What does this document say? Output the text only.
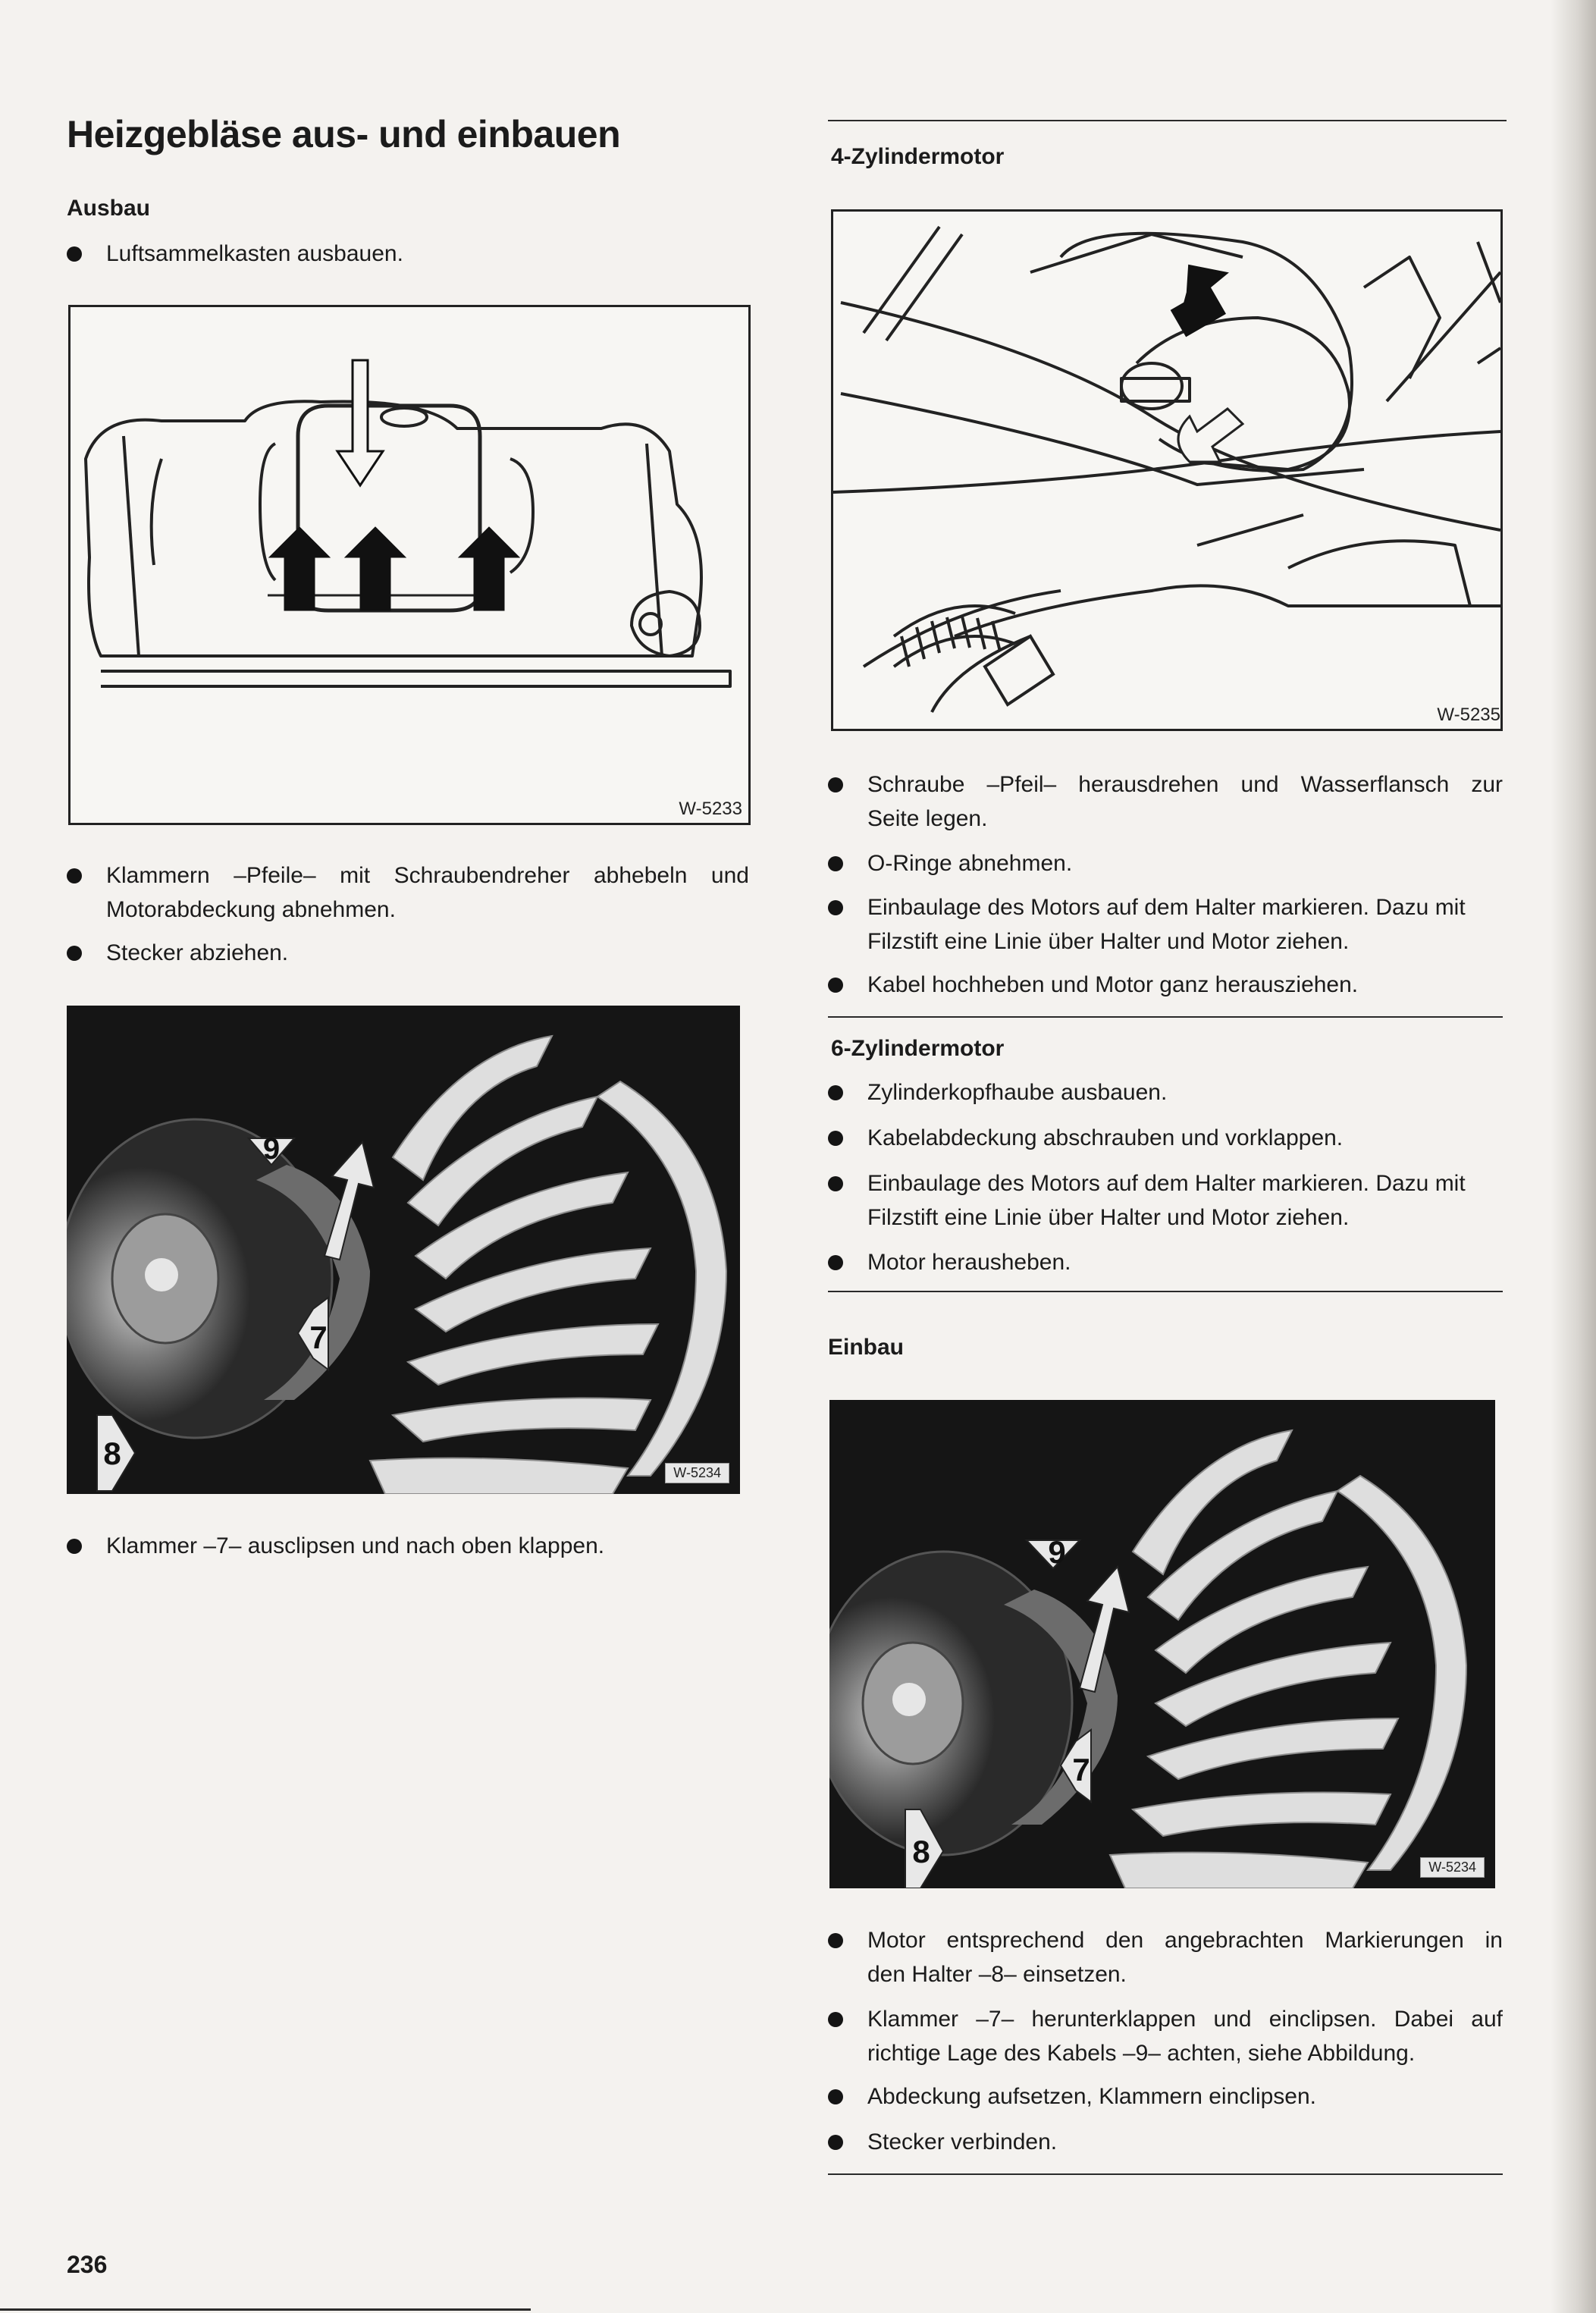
Heizgebläse aus- und einbauen

Ausbau

Luftsammelkasten ausbauen.
W-5233
Klammern –Pfeile– mit Schraubendreher abhebeln und
Motorabdeckung abnehmen.
Stecker abziehen.
9
7
8
W-5234
Klammer –7– ausclipsen und nach oben klappen.

4-Zylindermotor

W-5235
Schraube –Pfeil– herausdrehen und Wasserflansch zur
Seite legen.
O-Ringe abnehmen.
Einbaulage des Motors auf dem Halter markieren. Dazu mit
Filzstift eine Linie über Halter und Motor ziehen.
Kabel hochheben und Motor ganz herausziehen.

6-Zylindermotor

Zylinderkopfhaube ausbauen.
Kabelabdeckung abschrauben und vorklappen.
Einbaulage des Motors auf dem Halter markieren. Dazu mit
Filzstift eine Linie über Halter und Motor ziehen.
Motor herausheben.

Einbau

9
7
8	W-5234
Motor entsprechend den angebrachten Markierungen in
den Halter –8– einsetzen.
Klammer –7– herunterklappen und einclipsen. Dabei auf
richtige Lage des Kabels –9– achten, siehe Abbildung.
Abdeckung aufsetzen, Klammern einclipsen.
Stecker verbinden.
236
